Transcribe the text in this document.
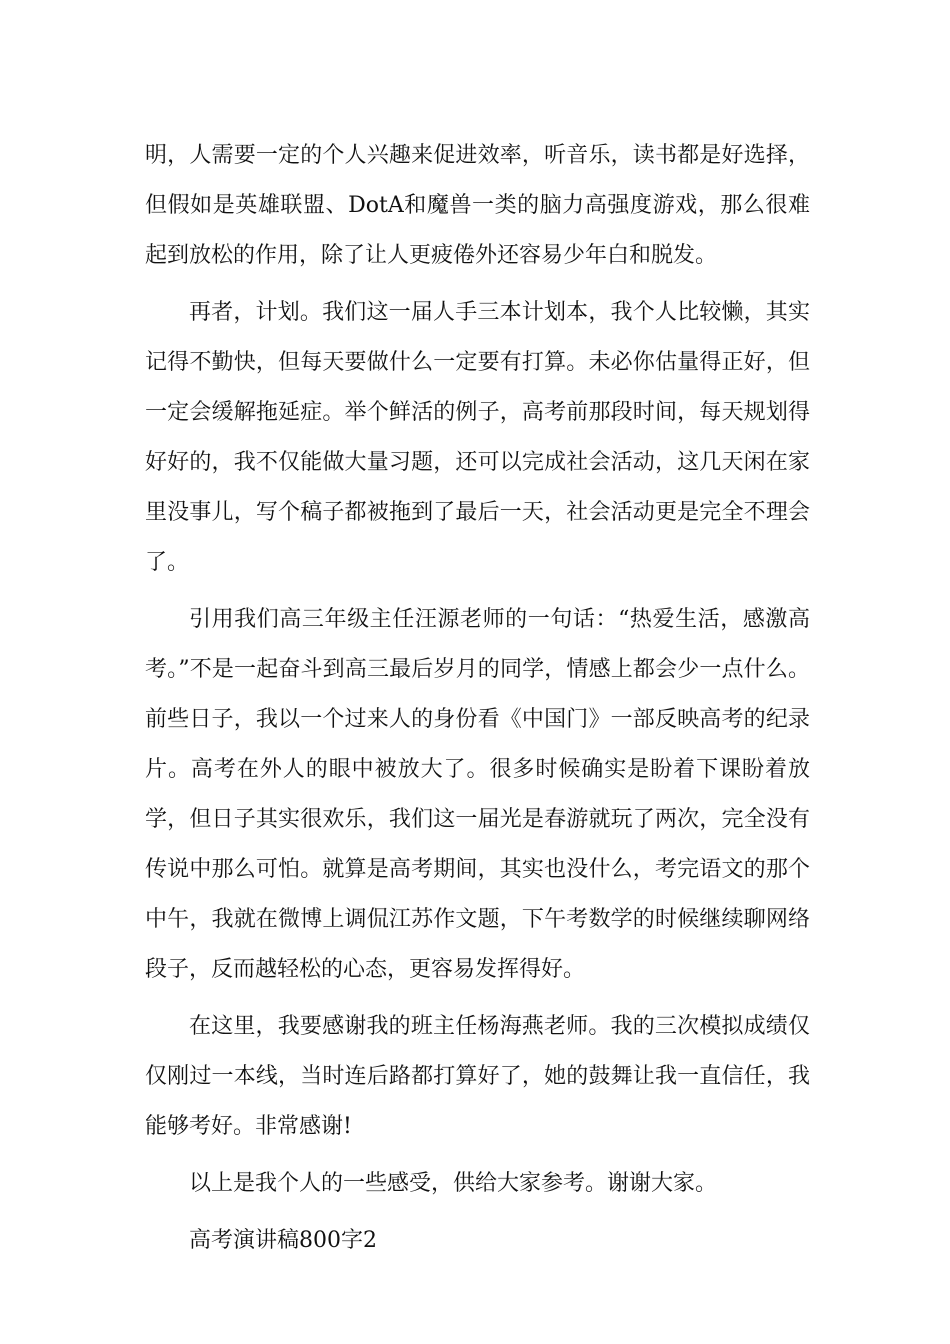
明，人需要一定的个人兴趣来促进效率，听音乐，读书都是好选择，但假如是英雄联盟、DotA和魔兽一类的脑力高强度游戏，那么很难起到放松的作用，除了让人更疲倦外还容易少年白和脱发。

再者，计划。我们这一届人手三本计划本，我个人比较懒，其实记得不勤快，但每天要做什么一定要有打算。未必你估量得正好，但一定会缓解拖延症。举个鲜活的例子，高考前那段时间，每天规划得好好的，我不仅能做大量习题，还可以完成社会活动，这几天闲在家里没事儿，写个稿子都被拖到了最后一天，社会活动更是完全不理会了。

引用我们高三年级主任汪源老师的一句话：“热爱生活，感激高考。”不是一起奋斗到高三最后岁月的同学，情感上都会少一点什么。前些日子，我以一个过来人的身份看《中国门》一部反映高考的纪录片。高考在外人的眼中被放大了。很多时候确实是盼着下课盼着放学，但日子其实很欢乐，我们这一届光是春游就玩了两次，完全没有传说中那么可怕。就算是高考期间，其实也没什么，考完语文的那个中午，我就在微博上调侃江苏作文题，下午考数学的时候继续聊网络段子，反而越轻松的心态，更容易发挥得好。

在这里，我要感谢我的班主任杨海燕老师。我的三次模拟成绩仅仅刚过一本线，当时连后路都打算好了，她的鼓舞让我一直信任，我能够考好。非常感谢!

以上是我个人的一些感受，供给大家参考。谢谢大家。

高考演讲稿800字2
